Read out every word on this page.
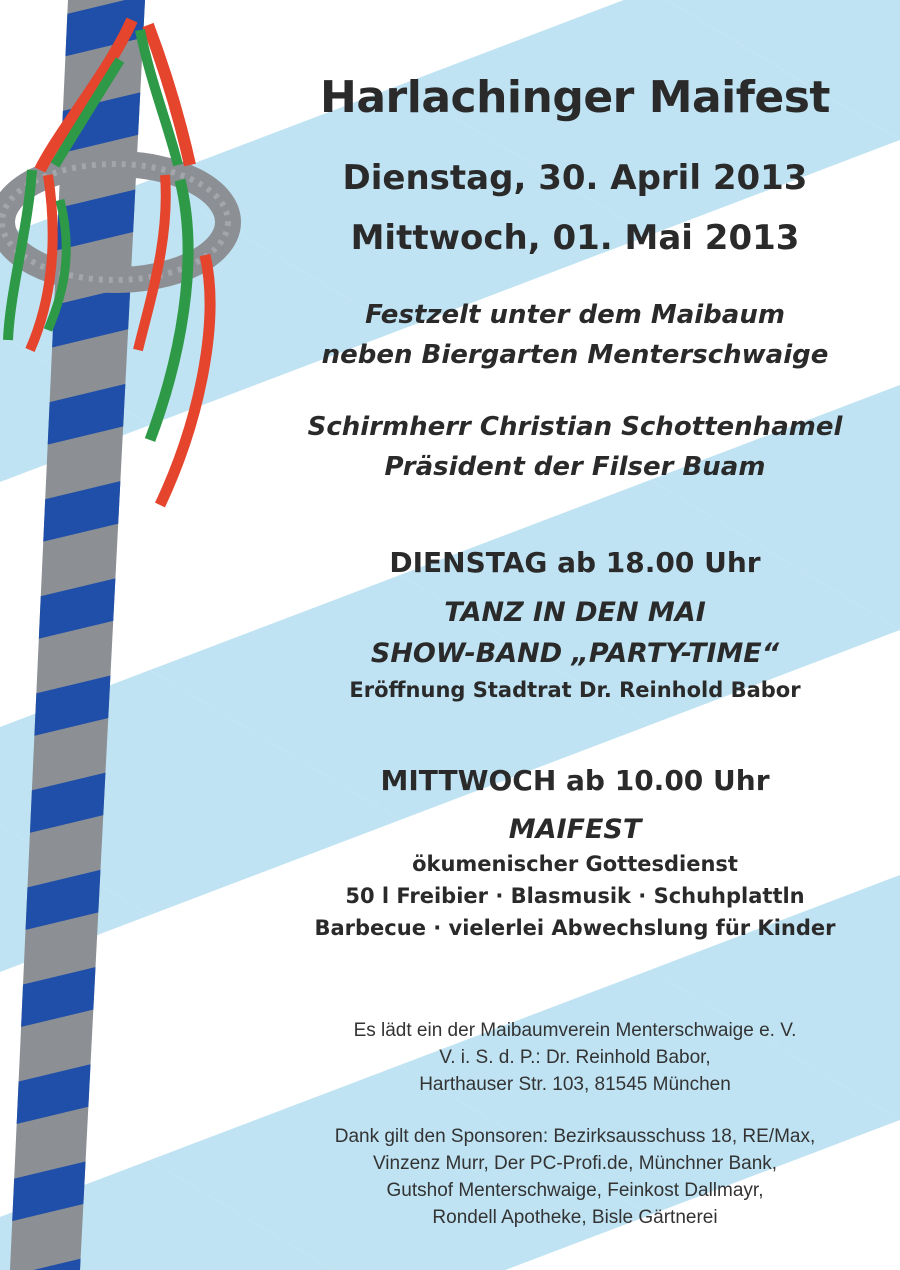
Harlachinger Maifest
Dienstag, 30. April 2013
Mittwoch, 01. Mai 2013
Festzelt unter dem Maibaum
neben Biergarten Menterschwaige
Schirmherr Christian Schottenhamel
Präsident der Filser Buam
DIENSTAG ab 18.00 Uhr
TANZ IN DEN MAI
SHOW-BAND „PARTY-TIME“
Eröffnung Stadtrat Dr. Reinhold Babor
MITTWOCH ab 10.00 Uhr
MAIFEST
ökumenischer Gottesdienst
50 l Freibier · Blasmusik · Schuhplattln
Barbecue · vielerlei Abwechslung für Kinder
Es lädt ein der Maibaumverein Menterschwaige e. V.
V. i. S. d. P.: Dr. Reinhold Babor,
Harthauser Str. 103, 81545 München
Dank gilt den Sponsoren: Bezirksausschuss 18, RE/Max,
Vinzenz Murr, Der PC-Profi.de, Münchner Bank,
Gutshof Menterschwaige, Feinkost Dallmayr,
Rondell Apotheke, Bisle Gärtnerei
